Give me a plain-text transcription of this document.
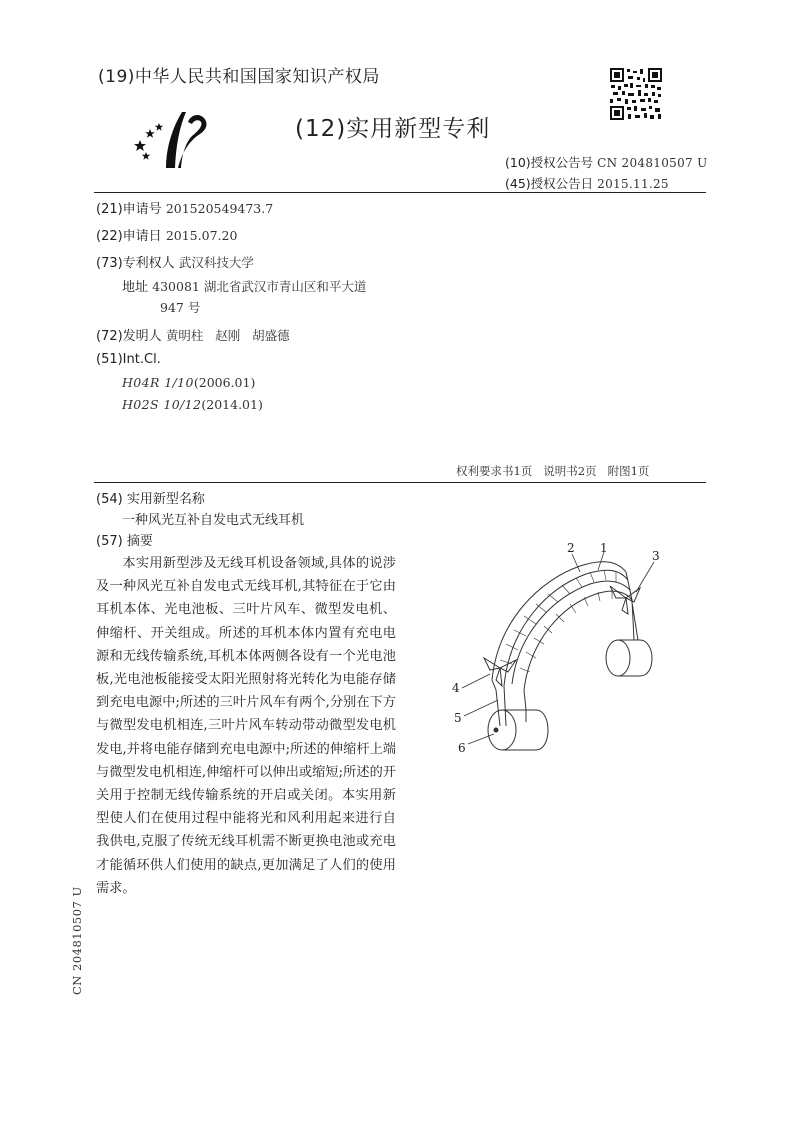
(19)中华人民共和国国家知识产权局
(12)实用新型专利
(10)授权公告号 CN 204810507 U
(45)授权公告日 2015.11.25
(21)申请号 201520549473.7
(22)申请日 2015.07.20
(73)专利权人 武汉科技大学
地址 430081 湖北省武汉市青山区和平大道
947 号
(72)发明人 黄明柱   赵刚   胡盛德
(51)Int.Cl.
H04R 1/10(2006.01)
H02S 10/12(2014.01)
权利要求书1页   说明书2页   附图1页
(54) 实用新型名称
一种风光互补自发电式无线耳机
(57) 摘要
本实用新型涉及无线耳机设备领域,具体的说涉及一种风光互补自发电式无线耳机,其特征在于它由耳机本体、光电池板、三叶片风车、微型发电机、伸缩杆、开关组成。所述的耳机本体内置有充电电源和无线传输系统,耳机本体两侧各设有一个光电池板,光电池板能接受太阳光照射将光转化为电能存储到充电电源中;所述的三叶片风车有两个,分别在下方与微型发电机相连,三叶片风车转动带动微型发电机发电,并将电能存储到充电电源中;所述的伸缩杆上端与微型发电机相连,伸缩杆可以伸出或缩短;所述的开关用于控制无线传输系统的开启或关闭。本实用新型使人们在使用过程中能将光和风利用起来进行自我供电,克服了传统无线耳机需不断更换电池或充电才能循环供人们使用的缺点,更加满足了人们的使用需求。
2 1
3
4
5
6
CN 204810507 U
